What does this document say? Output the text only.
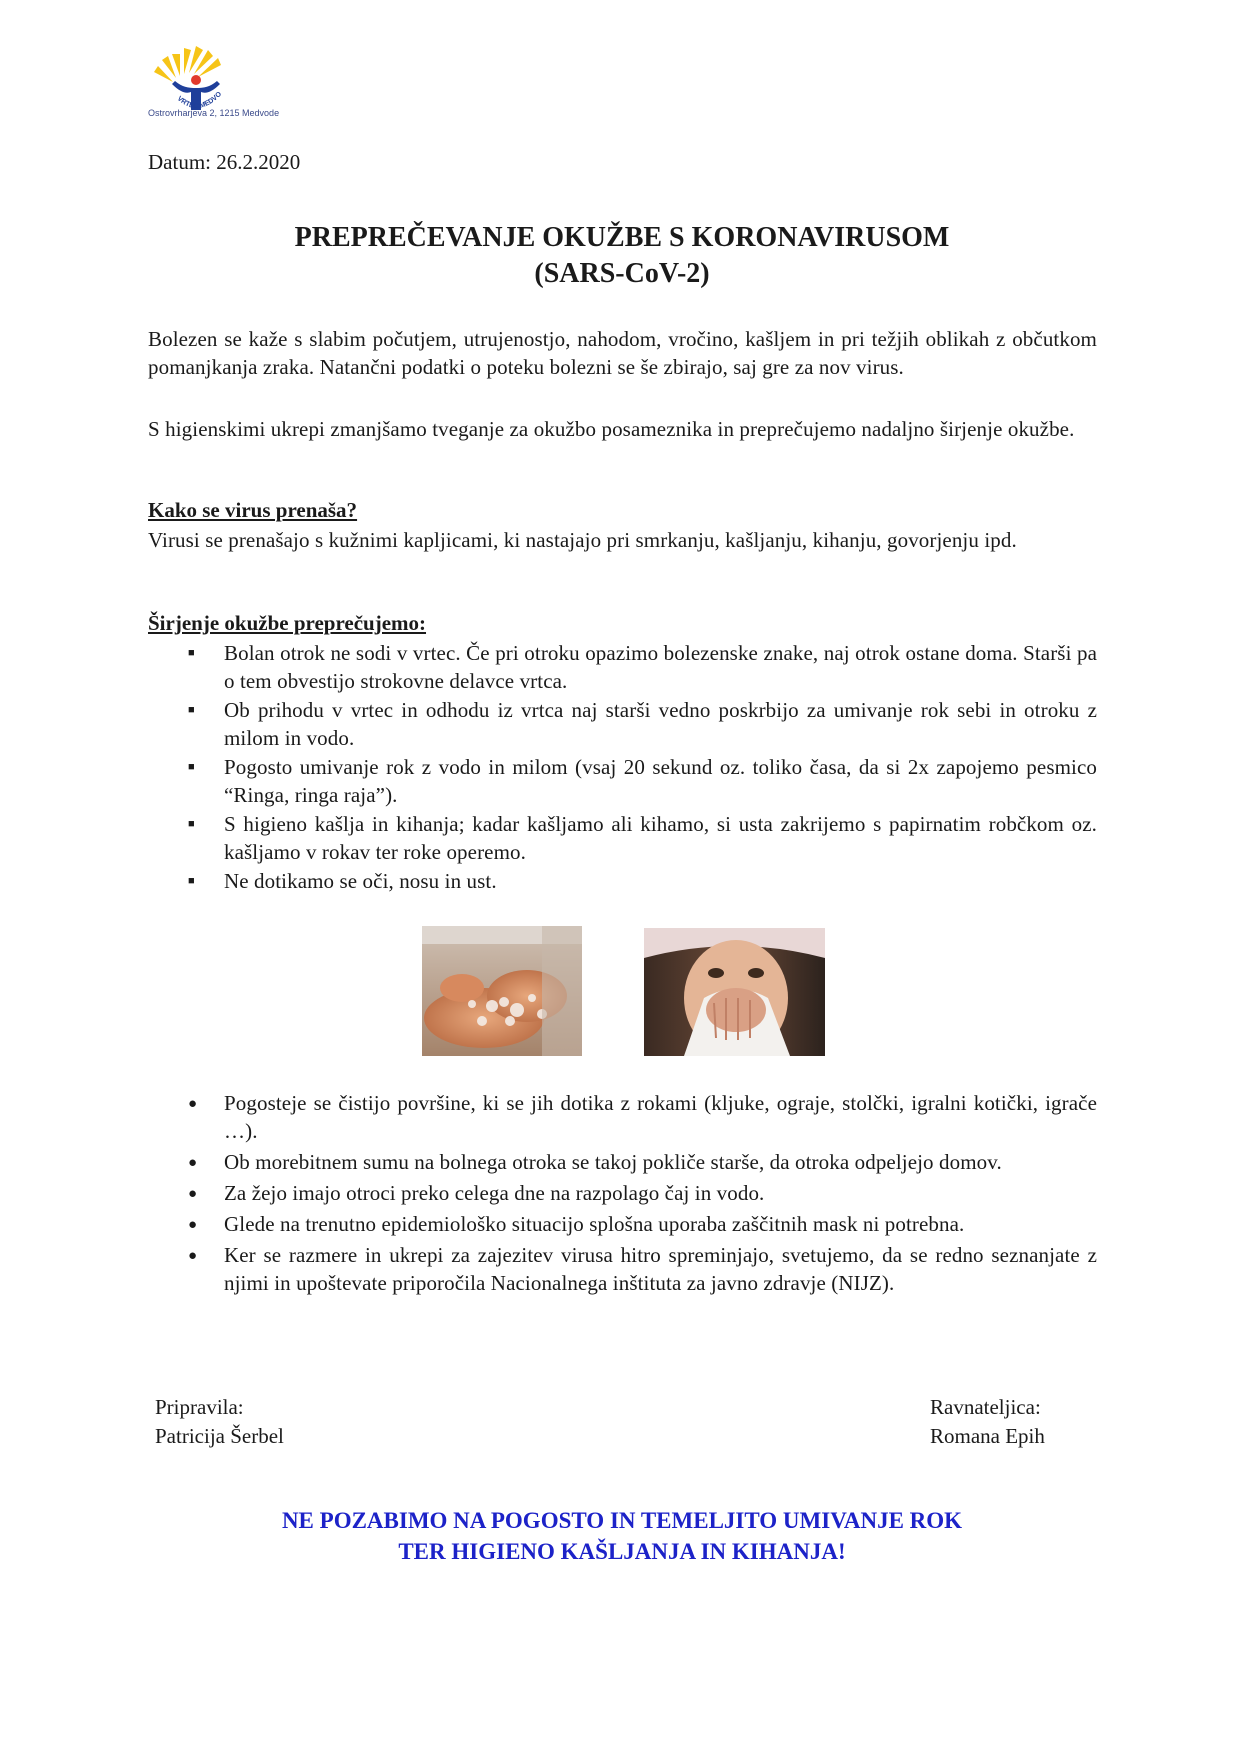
VRTEC MEDVO
Ostrovrharjeva 2, 1215 Medvode
Datum: 26.2.2020
PREPREČEVANJE OKUŽBE S KORONAVIRUSOM
(SARS-CoV-2)
Bolezen se kaže s slabim počutjem, utrujenostjo, nahodom, vročino, kašljem in pri težjih oblikah z občutkom pomanjkanja zraka. Natančni podatki o poteku bolezni se še zbirajo, saj gre za nov virus.
S higienskimi ukrepi zmanjšamo tveganje za okužbo posameznika in preprečujemo nadaljno širjenje okužbe.
Kako se virus prenaša?
Virusi se prenašajo s kužnimi kapljicami, ki nastajajo pri smrkanju, kašljanju, kihanju, govorjenju ipd.
Širjenje okužbe preprečujemo:
■	Bolan otrok ne sodi v vrtec. Če pri otroku opazimo bolezenske znake, naj otrok ostane doma. Starši pa o tem obvestijo strokovne delavce vrtca.
■	Ob prihodu v vrtec in odhodu iz vrtca naj starši vedno poskrbijo za umivanje rok sebi in otroku z milom in vodo.
■	Pogosto umivanje rok z vodo in milom (vsaj 20 sekund oz. toliko časa, da si 2x zapojemo pesmico “Ringa, ringa raja”).
■	S higieno kašlja in kihanja; kadar kašljamo ali kihamo, si usta zakrijemo s papirnatim robčkom oz. kašljamo v rokav ter roke operemo.
■	Ne dotikamo se oči, nosu in ust.
●	Pogosteje se čistijo površine, ki se jih dotika z rokami (kljuke, ograje, stolčki, igralni kotički, igrače …).
●	Ob morebitnem sumu na bolnega otroka se takoj pokliče starše, da otroka odpeljejo domov.
●	Za žejo imajo otroci preko celega dne na razpolago čaj in vodo.
●	Glede na trenutno epidemiološko situacijo splošna uporaba zaščitnih mask ni potrebna.
●	Ker se razmere in ukrepi za zajezitev virusa hitro spreminjajo, svetujemo, da se redno seznanjate z njimi in upoštevate priporočila Nacionalnega inštituta za javno zdravje (NIJZ).
Pripravila:
Patricija Šerbel
Ravnateljica:
Romana Epih
NE POZABIMO NA POGOSTO IN TEMELJITO UMIVANJE ROK
TER HIGIENO KAŠLJANJA IN KIHANJA!
